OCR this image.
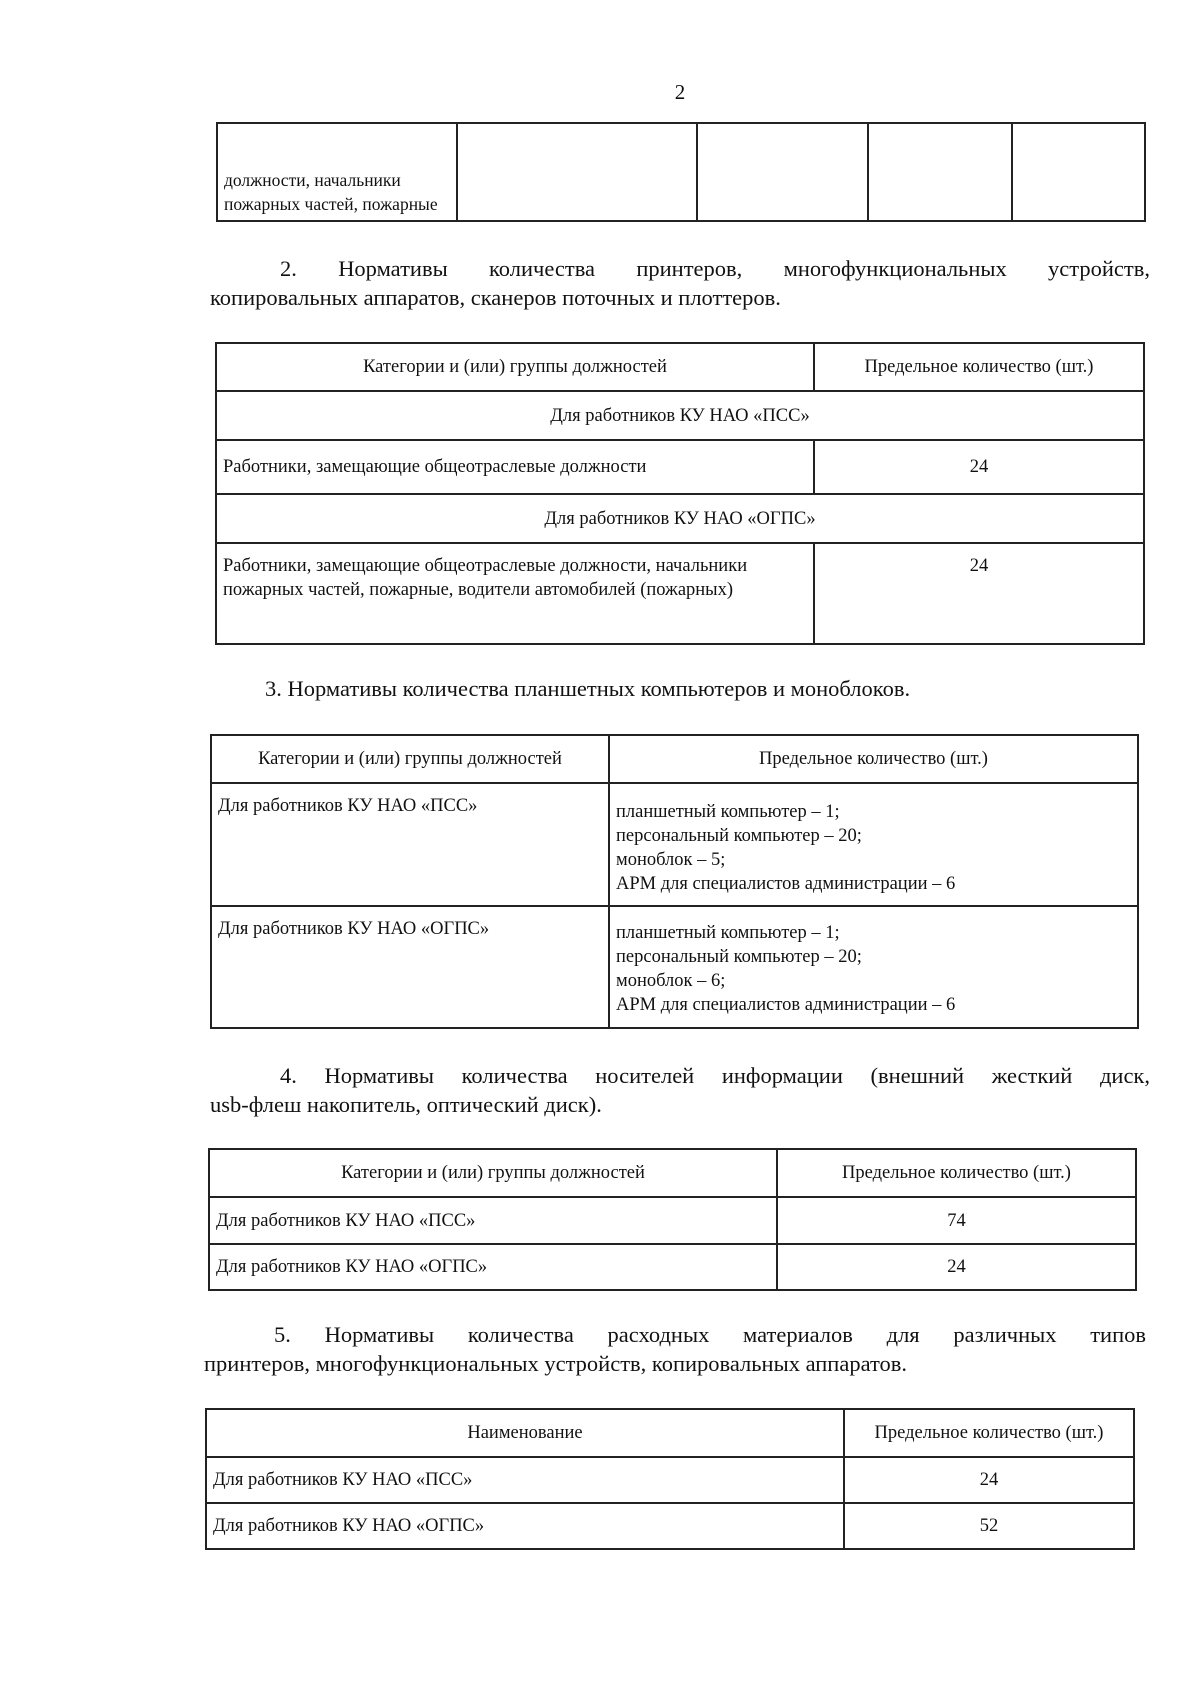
2
должности, начальники пожарных частей, пожарные				
2. Нормативы количества принтеров, многофункциональных устройств,
копировальных аппаратов, сканеров поточных и плоттеров.
Категории и (или) группы должностей	Предельное количество (шт.)
Для работников КУ НАО «ПСС»	
Работники, замещающие общеотраслевые должности	24
Для работников КУ НАО «ОГПС»	
Работники, замещающие общеотраслевые должности, начальники пожарных частей, пожарные, водители автомобилей (пожарных)	24
3. Нормативы количества планшетных компьютеров и моноблоков.
Категории и (или) группы должностей	Предельное количество (шт.)
Для работников КУ НАО «ПСС»	планшетный компьютер – 1;
персональный компьютер – 20;
моноблок – 5;
АРМ для специалистов администрации – 6

Для работников КУ НАО «ОГПС»	планшетный компьютер – 1;
персональный компьютер – 20;
моноблок – 6;
АРМ для специалистов администрации – 6
4. Нормативы количества носителей информации (внешний жесткий диск,
usb-флеш накопитель, оптический диск).
Категории и (или) группы должностей	Предельное количество (шт.)
Для работников КУ НАО «ПСС»	74
Для работников КУ НАО «ОГПС»	24
5. Нормативы количества расходных материалов для различных типов
принтеров, многофункциональных устройств, копировальных аппаратов.
Наименование	Предельное количество (шт.)
Для работников КУ НАО «ПСС»	24
Для работников КУ НАО «ОГПС»	52
